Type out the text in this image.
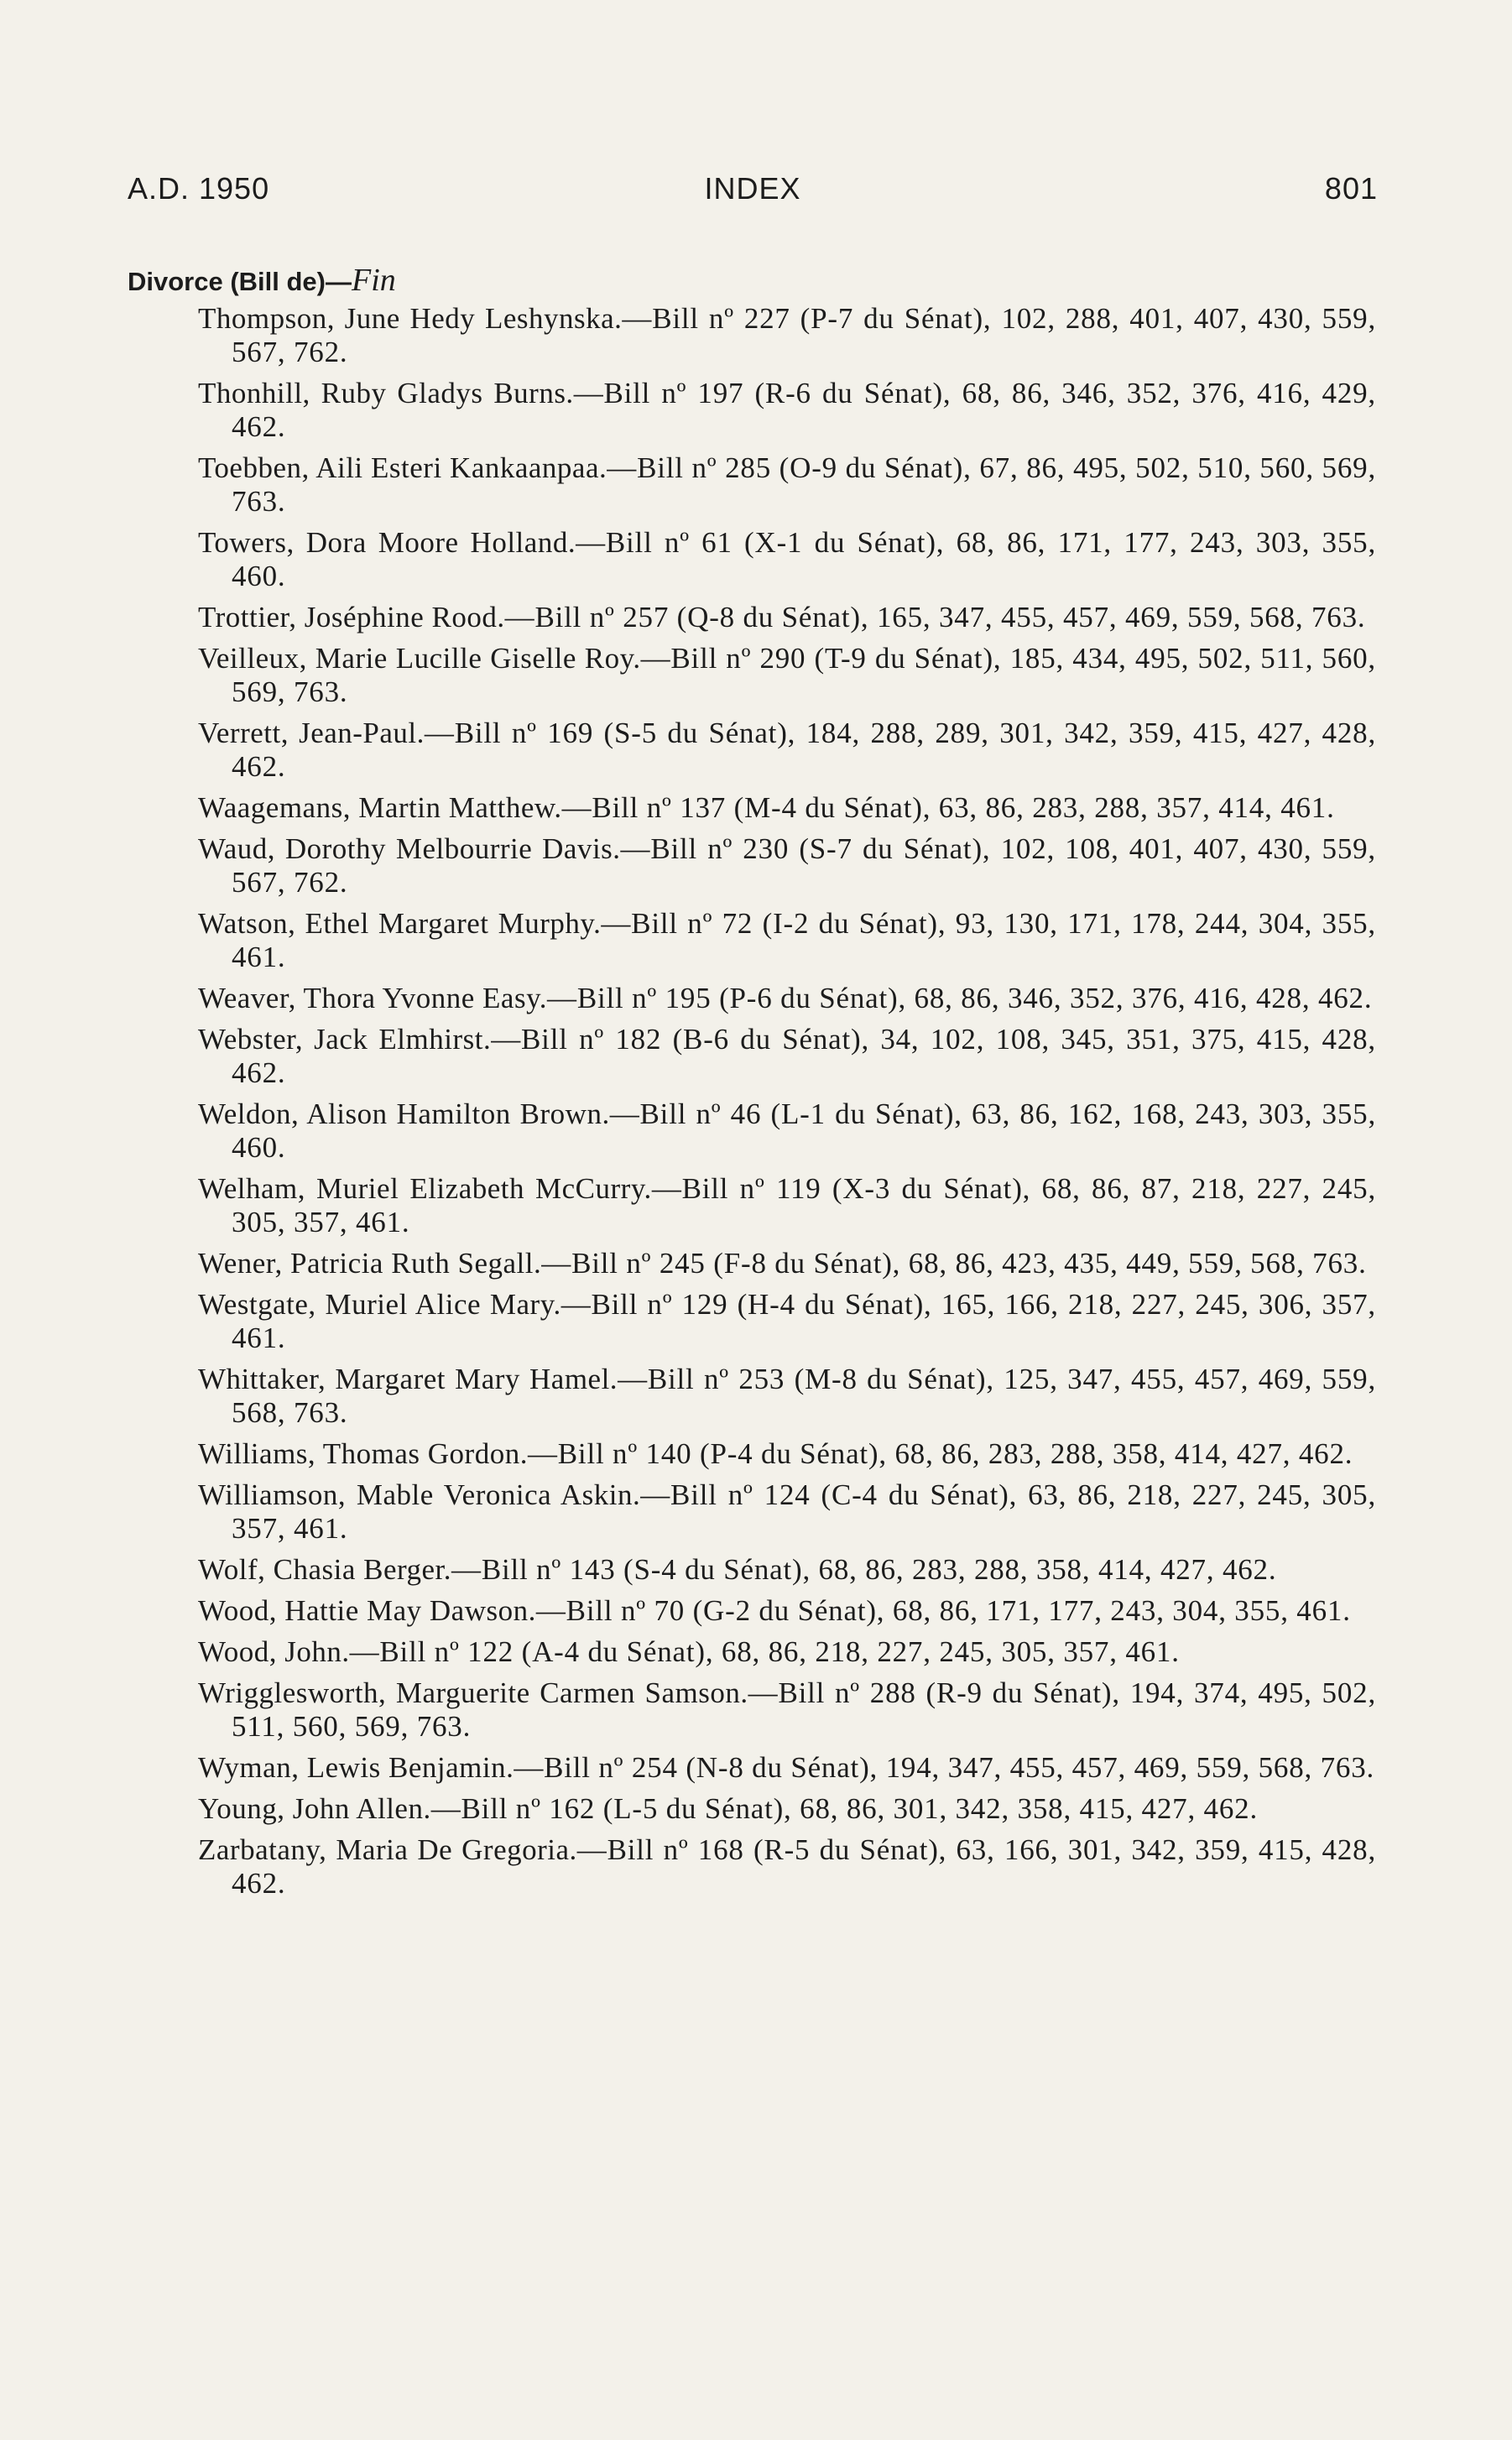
A.D. 1950	INDEX	801
Divorce (Bill de)—Fin

Thompson, June Hedy Leshynska.—Bill nº 227 (P-7 du Sénat), 102, 288, 401, 407, 430, 559, 567, 762.

Thonhill, Ruby Gladys Burns.—Bill nº 197 (R-6 du Sénat), 68, 86, 346, 352, 376, 416, 429, 462.

Toebben, Aili Esteri Kankaanpaa.—Bill nº 285 (O-9 du Sénat), 67, 86, 495, 502, 510, 560, 569, 763.

Towers, Dora Moore Holland.—Bill nº 61 (X-1 du Sénat), 68, 86, 171, 177, 243, 303, 355, 460.

Trottier, Joséphine Rood.—Bill nº 257 (Q-8 du Sénat), 165, 347, 455, 457, 469, 559, 568, 763.

Veilleux, Marie Lucille Giselle Roy.—Bill nº 290 (T-9 du Sénat), 185, 434, 495, 502, 511, 560, 569, 763.

Verrett, Jean-Paul.—Bill nº 169 (S-5 du Sénat), 184, 288, 289, 301, 342, 359, 415, 427, 428, 462.

Waagemans, Martin Matthew.—Bill nº 137 (M-4 du Sénat), 63, 86, 283, 288, 357, 414, 461.

Waud, Dorothy Melbourrie Davis.—Bill nº 230 (S-7 du Sénat), 102, 108, 401, 407, 430, 559, 567, 762.

Watson, Ethel Margaret Murphy.—Bill nº 72 (I-2 du Sénat), 93, 130, 171, 178, 244, 304, 355, 461.

Weaver, Thora Yvonne Easy.—Bill nº 195 (P-6 du Sénat), 68, 86, 346, 352, 376, 416, 428, 462.

Webster, Jack Elmhirst.—Bill nº 182 (B-6 du Sénat), 34, 102, 108, 345, 351, 375, 415, 428, 462.

Weldon, Alison Hamilton Brown.—Bill nº 46 (L-1 du Sénat), 63, 86, 162, 168, 243, 303, 355, 460.

Welham, Muriel Elizabeth McCurry.—Bill nº 119 (X-3 du Sénat), 68, 86, 87, 218, 227, 245, 305, 357, 461.

Wener, Patricia Ruth Segall.—Bill nº 245 (F-8 du Sénat), 68, 86, 423, 435, 449, 559, 568, 763.

Westgate, Muriel Alice Mary.—Bill nº 129 (H-4 du Sénat), 165, 166, 218, 227, 245, 306, 357, 461.

Whittaker, Margaret Mary Hamel.—Bill nº 253 (M-8 du Sénat), 125, 347, 455, 457, 469, 559, 568, 763.

Williams, Thomas Gordon.—Bill nº 140 (P-4 du Sénat), 68, 86, 283, 288, 358, 414, 427, 462.

Williamson, Mable Veronica Askin.—Bill nº 124 (C-4 du Sénat), 63, 86, 218, 227, 245, 305, 357, 461.

Wolf, Chasia Berger.—Bill nº 143 (S-4 du Sénat), 68, 86, 283, 288, 358, 414, 427, 462.

Wood, Hattie May Dawson.—Bill nº 70 (G-2 du Sénat), 68, 86, 171, 177, 243, 304, 355, 461.

Wood, John.—Bill nº 122 (A-4 du Sénat), 68, 86, 218, 227, 245, 305, 357, 461.

Wrigglesworth, Marguerite Carmen Samson.—Bill nº 288 (R-9 du Sénat), 194, 374, 495, 502, 511, 560, 569, 763.

Wyman, Lewis Benjamin.—Bill nº 254 (N-8 du Sénat), 194, 347, 455, 457, 469, 559, 568, 763.

Young, John Allen.—Bill nº 162 (L-5 du Sénat), 68, 86, 301, 342, 358, 415, 427, 462.

Zarbatany, Maria De Gregoria.—Bill nº 168 (R-5 du Sénat), 63, 166, 301, 342, 359, 415, 428, 462.
